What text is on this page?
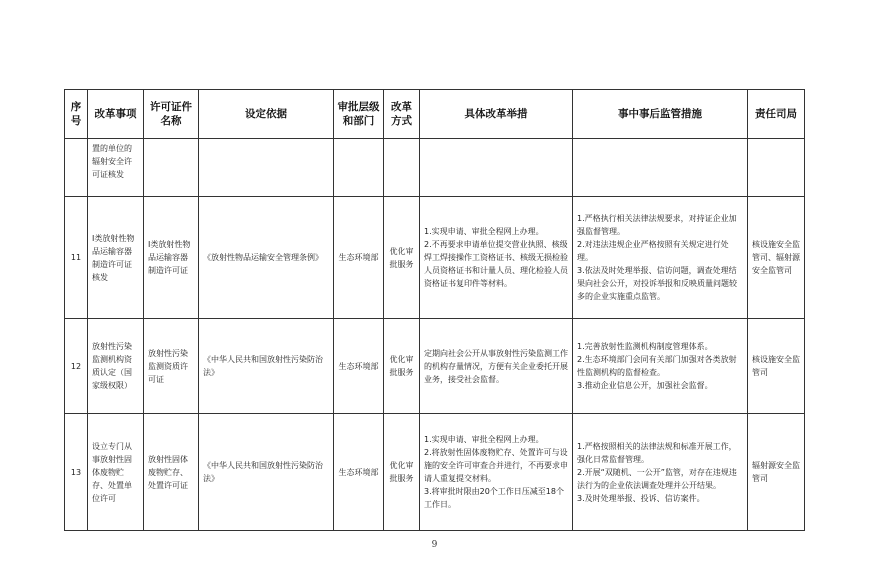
序号	改革事项	许可证件名称	设定依据	审批层级和部门	改革方式	具体改革举措	事中事后监管措施	责任司局
	置的单位的辐射安全许可证核发							
11	I类放射性物品运输容器制造许可证核发	I类放射性物品运输容器制造许可证	《放射性物品运输安全管理条例》	生态环境部	优化审批服务	1.实现申请、审批全程网上办理。
2.不再要求申请单位提交营业执照、核级焊工焊接操作工资格证书、核级无损检验人员资格证书和计量人员、理化检验人员资格证书复印件等材料。	1.严格执行相关法律法规要求，对持证企业加强监督管理。
2.对违法违规企业严格按照有关规定进行处理。
3.依法及时处理举报、信访问题，调查处理结果向社会公开，对投诉举报和反映质量问题较多的企业实施重点监管。	核设施安全监管司、辐射源安全监管司
12	放射性污染监测机构资质认定（国家级权限）	放射性污染监测资质许可证	《中华人民共和国放射性污染防治法》	生态环境部	优化审批服务	定期向社会公开从事放射性污染监测工作的机构存量情况，方便有关企业委托开展业务，接受社会监督。	1.完善放射性监测机构制度管理体系。
2.生态环境部门会同有关部门加强对各类放射性监测机构的监督检查。
3.推动企业信息公开，加强社会监督。	核设施安全监管司
13	设立专门从事放射性固体废物贮存、处置单位许可	放射性固体废物贮存、处置许可证	《中华人民共和国放射性污染防治法》	生态环境部	优化审批服务	1.实现申请、审批全程网上办理。
2.将放射性固体废物贮存、处置许可与设施的安全许可审查合并进行，不再要求申请人重复提交材料。
3.将审批时限由20个工作日压减至18个工作日。	1.严格按照相关的法律法规和标准开展工作，强化日常监督管理。
2.开展“双随机、一公开”监管，对存在违规违法行为的企业依法调查处理并公开结果。
3.及时处理举报、投诉、信访案件。	辐射源安全监管司
9
